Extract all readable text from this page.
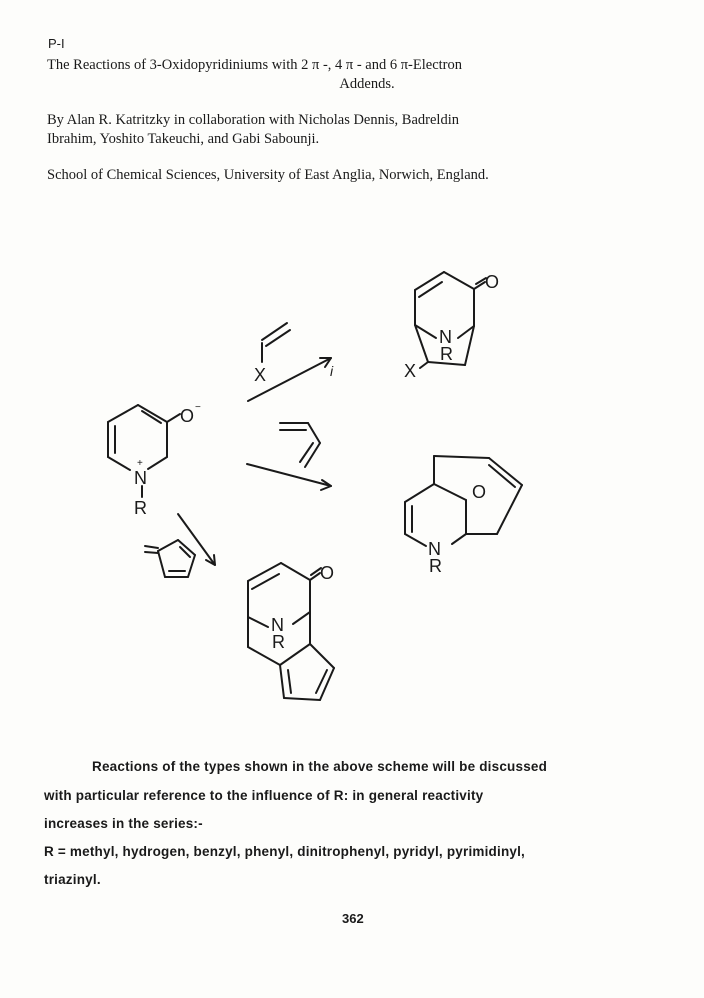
P-I
The Reactions of 3-Oxidopyridiniums with 2 π -, 4 π - and 6 π-Electron
Addends.
By Alan R. Katritzky in collaboration with Nicholas Dennis, Badreldin
Ibrahim, Yoshito Takeuchi, and Gabi Sabounji.
School of Chemical Sciences, University of East Anglia, Norwich, England.
O −
N
+
R
X	i
O
N
R
X
O
N
R
O
N
R
Reactions of the types shown in the above scheme will be discussed
with particular reference to the influence of R: in general reactivity
increases in the series:-
R = methyl, hydrogen, benzyl, phenyl, dinitrophenyl, pyridyl, pyrimidinyl,
triazinyl.
362
